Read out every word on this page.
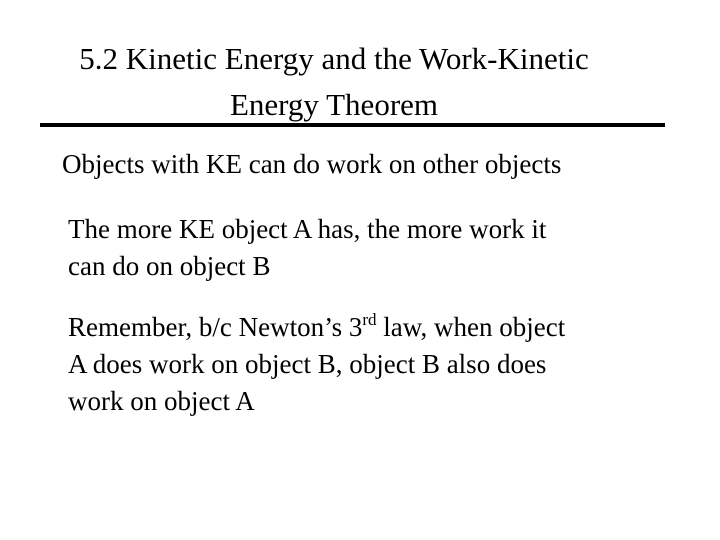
5.2 Kinetic Energy and the Work-Kinetic
Energy Theorem
Objects with KE can do work on other objects
The more KE object A has, the more work it
can do on object B
Remember, b/c Newton’s 3rd law, when object
A does work on object B, object B also does
work on object A
